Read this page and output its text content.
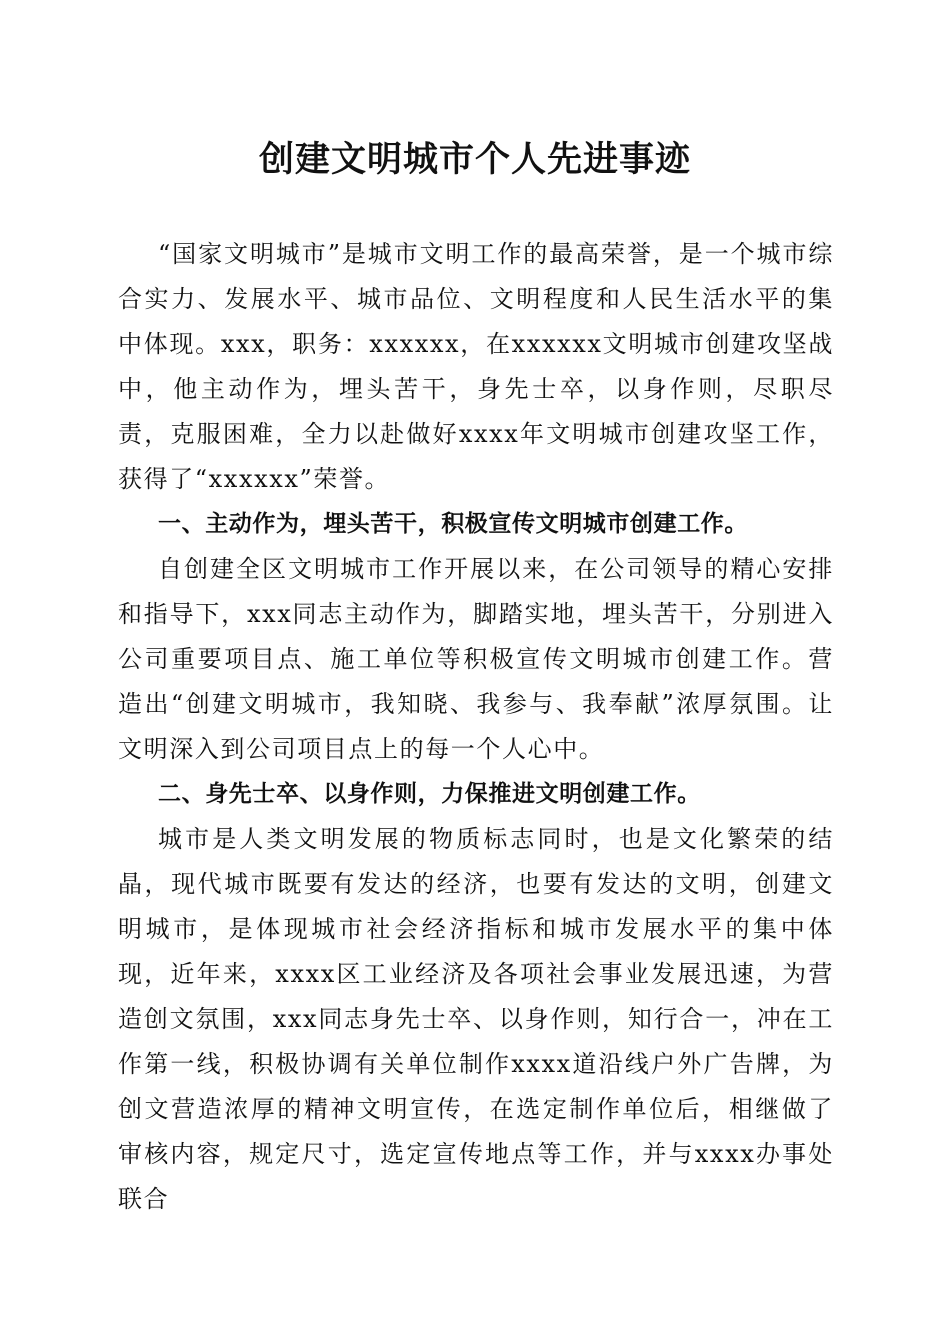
创建文明城市个人先进事迹

“国家文明城市”是城市文明工作的最高荣誉，是一个城市综合实力、发展水平、城市品位、文明程度和人民生活水平的集中体现。xxx，职务：xxxxxx，在xxxxxx文明城市创建攻坚战中，他主动作为，埋头苦干，身先士卒，以身作则，尽职尽责，克服困难，全力以赴做好xxxx年文明城市创建攻坚工作，获得了“xxxxxx”荣誉。

一、主动作为，埋头苦干，积极宣传文明城市创建工作。

自创建全区文明城市工作开展以来，在公司领导的精心安排和指导下，xxx同志主动作为，脚踏实地，埋头苦干，分别进入公司重要项目点、施工单位等积极宣传文明城市创建工作。营造出“创建文明城市，我知晓、我参与、我奉献”浓厚氛围。让文明深入到公司项目点上的每一个人心中。

二、身先士卒、以身作则，力保推进文明创建工作。

城市是人类文明发展的物质标志同时，也是文化繁荣的结晶，现代城市既要有发达的经济，也要有发达的文明，创建文明城市，是体现城市社会经济指标和城市发展水平的集中体现，近年来，xxxx区工业经济及各项社会事业发展迅速，为营造创文氛围，xxx同志身先士卒、以身作则，知行合一，冲在工作第一线，积极协调有关单位制作xxxx道沿线户外广告牌，为创文营造浓厚的精神文明宣传，在选定制作单位后，相继做了审核内容，规定尺寸，选定宣传地点等工作，并与xxxx办事处联合
